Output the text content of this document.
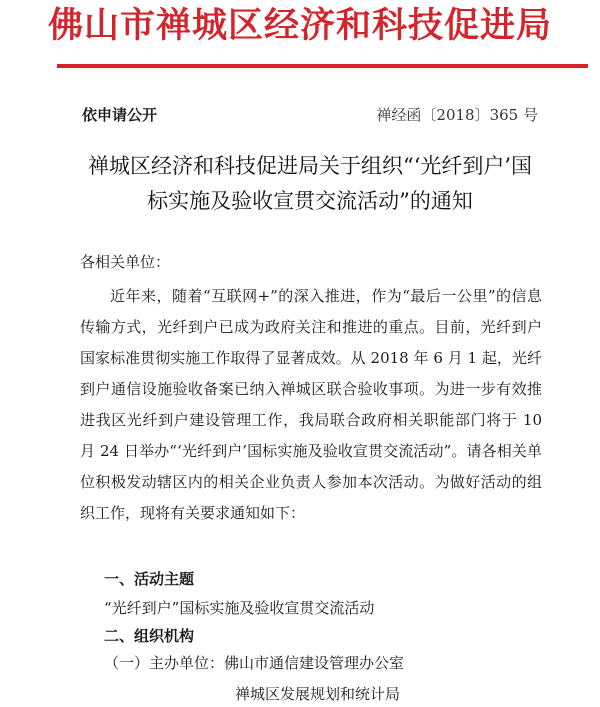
佛山市禅城区经济和科技促进局
依申请公开	禅经函〔2018〕365 号
禅城区经济和科技促进局关于组织“‘光纤到户’国标实施及验收宣贯交流活动”的通知
各相关单位：

近年来，随着“互联网+”的深入推进，作为“最后一公里”的信息传输方式，光纤到户已成为政府关注和推进的重点。目前，光纤到户国家标准贯彻实施工作取得了显著成效。从 2018 年 6 月 1 起，光纤到户通信设施验收备案已纳入禅城区联合验收事项。为进一步有效推进我区光纤到户建设管理工作，我局联合政府相关职能部门将于 10 月 24 日举办“‘光纤到户’国标实施及验收宣贯交流活动”。请各相关单位积极发动辖区内的相关企业负责人参加本次活动。为做好活动的组织工作，现将有关要求通知如下：

一、活动主题
“光纤到户”国标实施及验收宣贯交流活动
二、组织机构
（一）主办单位：佛山市通信建设管理办公室
禅城区发展规划和统计局
